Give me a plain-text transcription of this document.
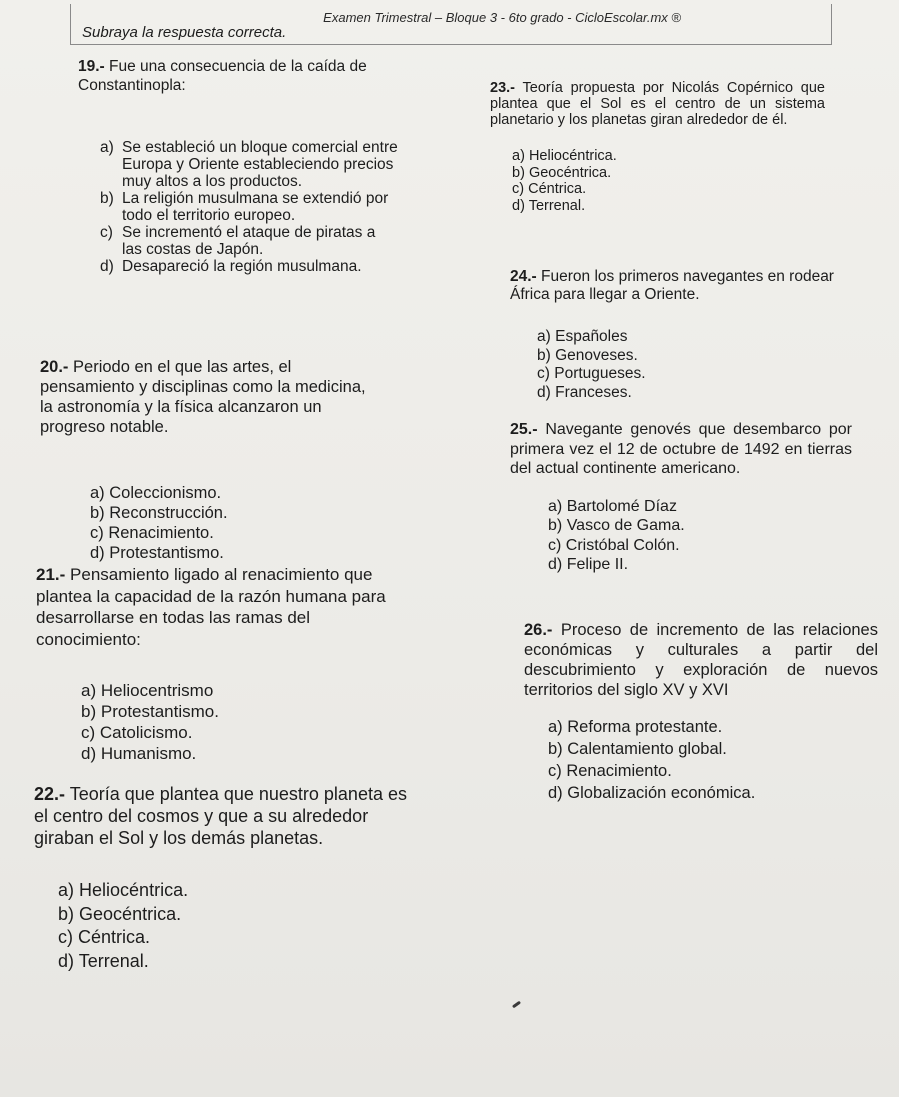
Examen Trimestral – Bloque 3 - 6to grado - CicloEscolar.mx ®
Subraya la respuesta correcta.

19.- Fue una consecuencia de la caída de Constantinopla:

a) Se estableció un bloque comercial entre Europa y Oriente estableciendo precios muy altos a los productos.
b) La religión musulmana se extendió por todo el territorio europeo.
c) Se incrementó el ataque de piratas a las costas de Japón.
d) Desapareció la región musulmana.

20.- Periodo en el que las artes, el pensamiento y disciplinas como la medicina, la astronomía y la física alcanzaron un progreso notable.

a) Coleccionismo.
b) Reconstrucción.
c) Renacimiento.
d) Protestantismo.

21.- Pensamiento ligado al renacimiento que plantea la capacidad de la razón humana para desarrollarse en todas las ramas del conocimiento:

a) Heliocentrismo
b) Protestantismo.
c) Catolicismo.
d) Humanismo.

22.- Teoría que plantea que nuestro planeta es el centro del cosmos y que a su alrededor giraban el Sol y los demás planetas.

a) Heliocéntrica.
b) Geocéntrica.
c) Céntrica.
d) Terrenal.

23.- Teoría propuesta por Nicolás Copérnico que plantea que el Sol es el centro de un sistema planetario y los planetas giran alrededor de él.

a) Heliocéntrica.
b) Geocéntrica.
c) Céntrica.
d) Terrenal.

24.- Fueron los primeros navegantes en rodear África para llegar a Oriente.

a) Españoles
b) Genoveses.
c) Portugueses.
d) Franceses.

25.- Navegante genovés que desembarco por primera vez el 12 de octubre de 1492 en tierras del actual continente americano.

a) Bartolomé Díaz
b) Vasco de Gama.
c) Cristóbal Colón.
d) Felipe II.

26.- Proceso de incremento de las relaciones económicas y culturales a partir del descubrimiento y exploración de nuevos territorios del siglo XV y XVI

a) Reforma protestante.
b) Calentamiento global.
c) Renacimiento.
d) Globalización económica.
